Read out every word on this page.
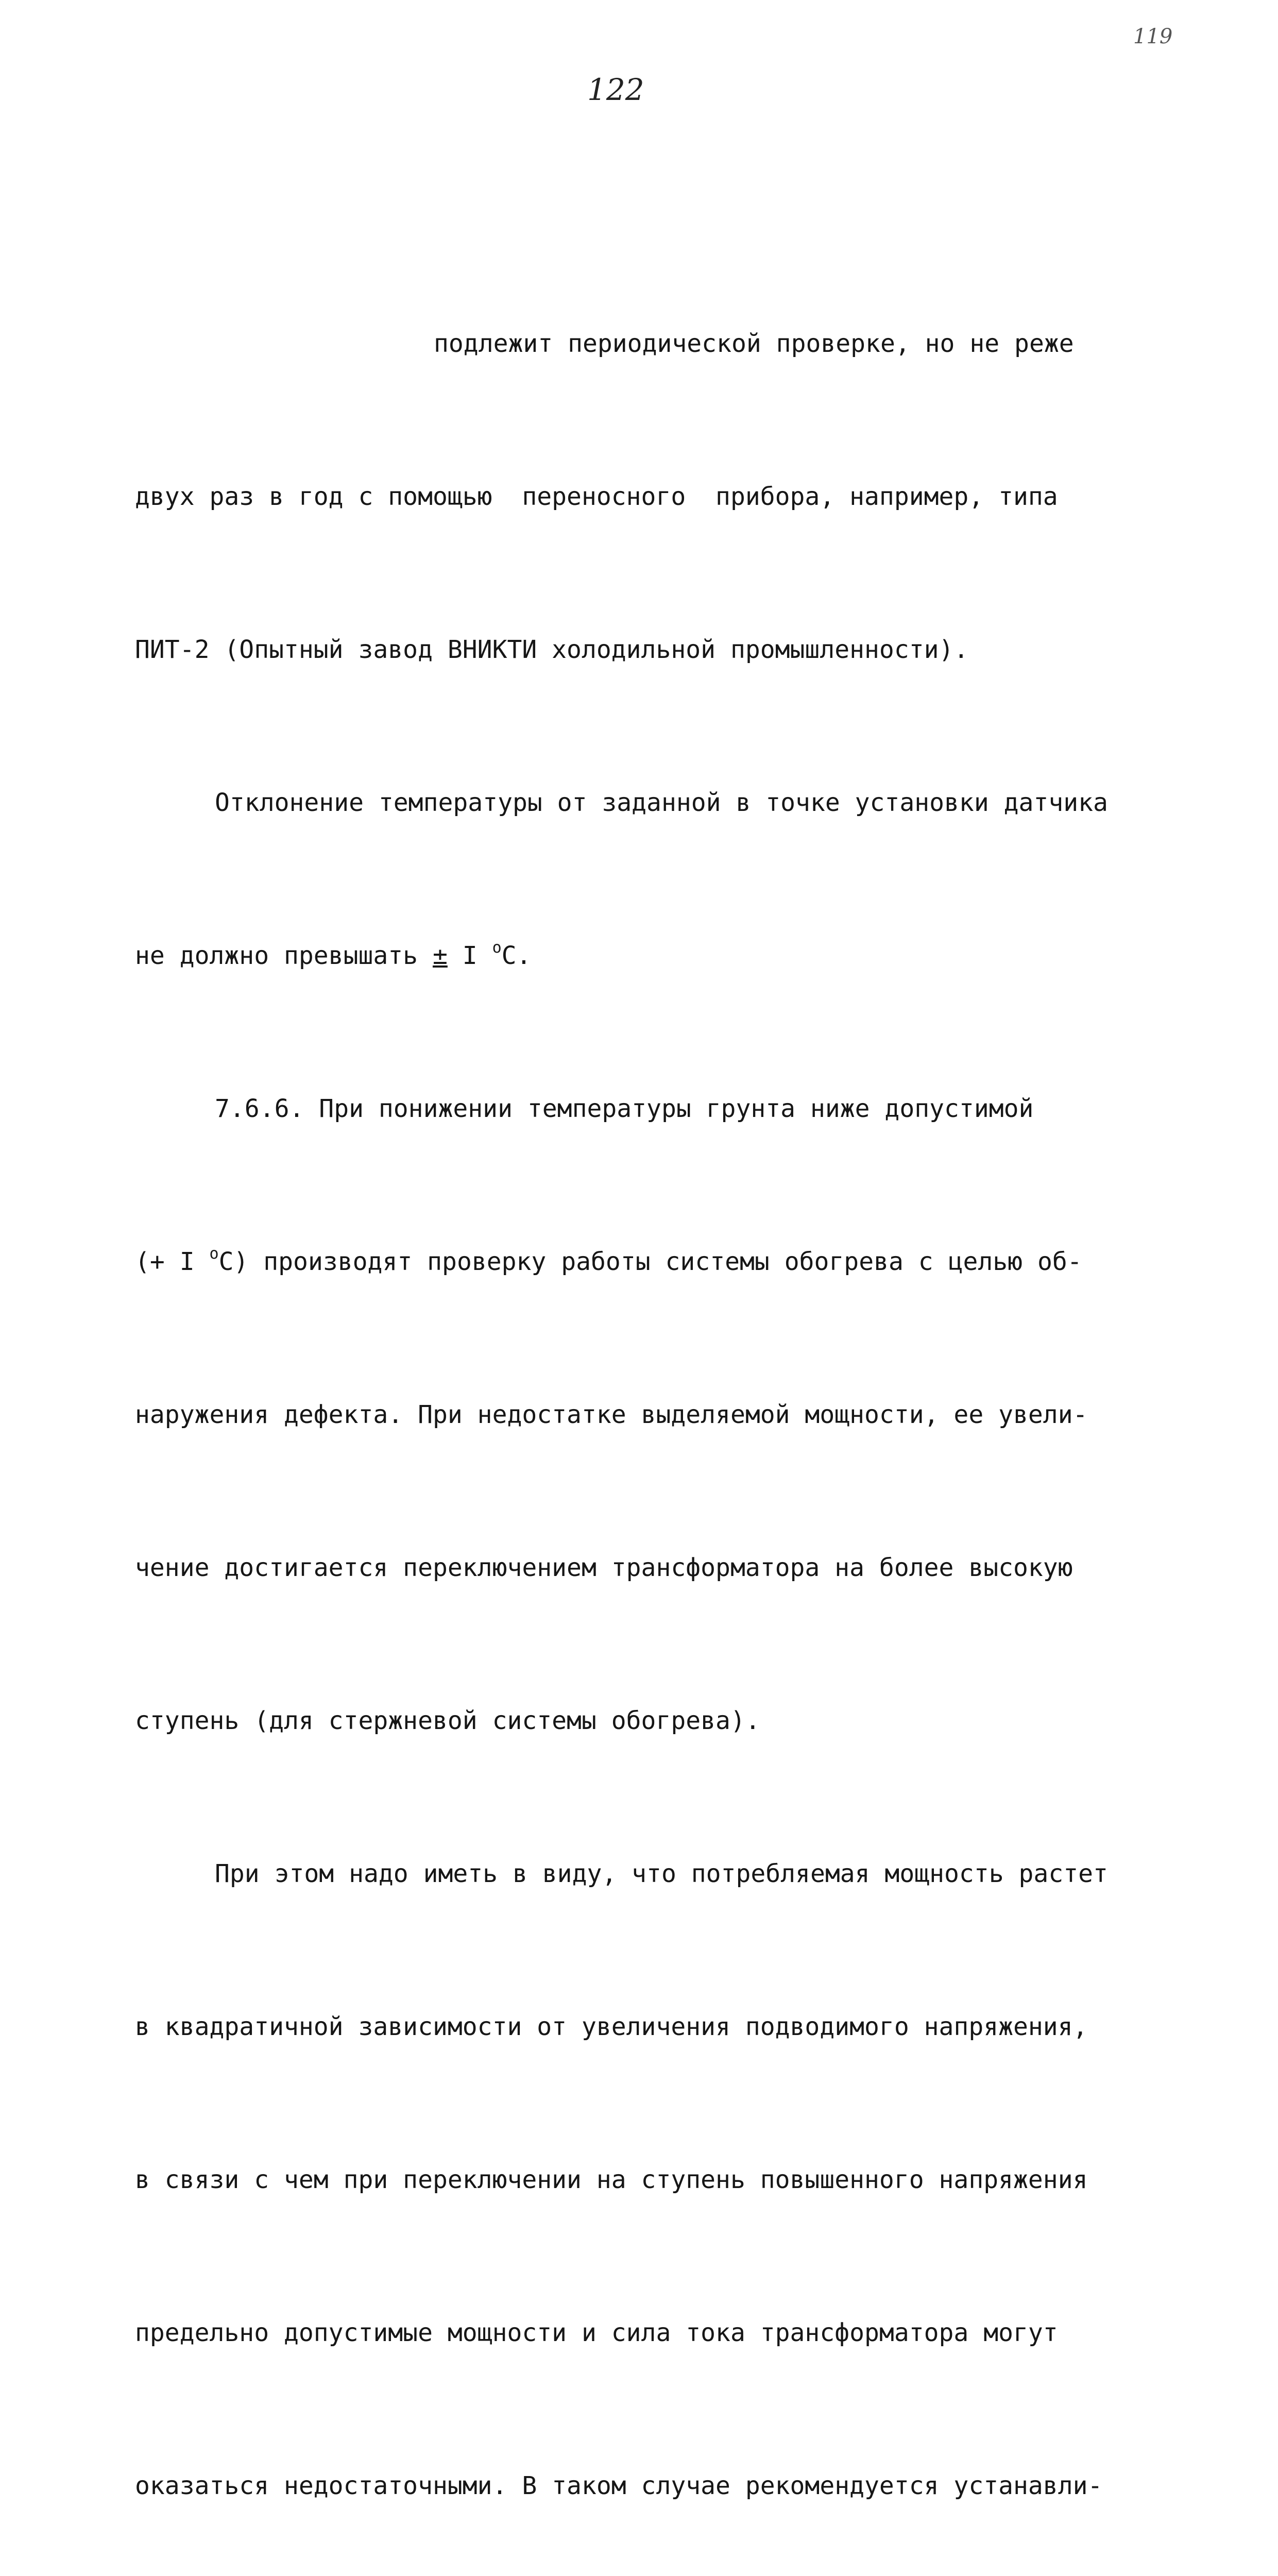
119
122

подлежит периодической проверке, но не реже

двух раз в год с помощью  переносного  прибора, например, типа

ПИТ-2 (Опытный завод ВНИКТИ холодильной промышленности).

Отклонение температуры от заданной в точке установки датчика

не должно превышать ± I $^o$C.

7.6.6. При понижении температуры грунта ниже допустимой

(+ I $^o$C) производят проверку работы системы обогрева с целью об-

наружения дефекта. При недостатке выделяемой мощности, ее увели-

чение достигается переключением трансформатора на более высокую

ступень (для стержневой системы обогрева).

При этом надо иметь в виду, что потребляемая мощность растет

в квадратичной зависимости от увеличения подводимого напряжения,

в связи с чем при переключении на ступень повышенного напряжения

предельно допустимые мощности и сила тока трансформатора могут

оказаться недостаточными. В таком случае рекомендуется устанавли-
